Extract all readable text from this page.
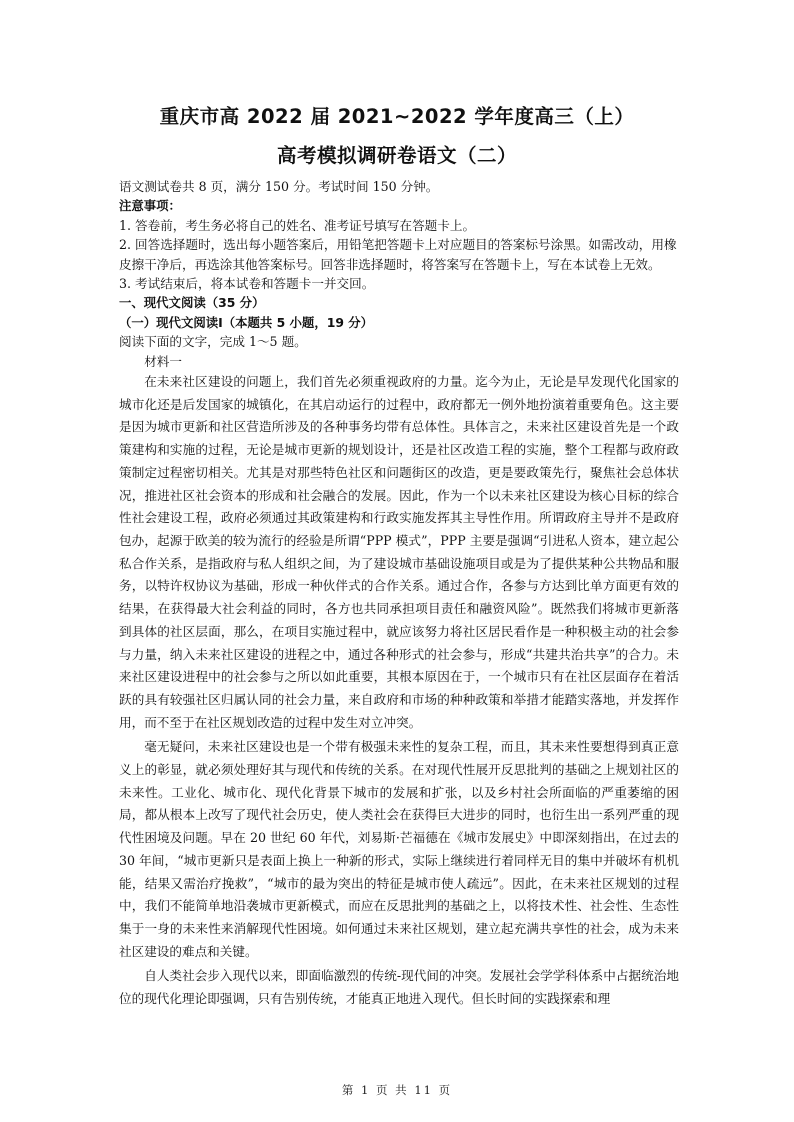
重庆市高 2022 届 2021~2022 学年度高三（上）
高考模拟调研卷语文（二）

语文测试卷共 8 页，满分 150 分。考试时间 150 分钟。

注意事项：

1. 答卷前，考生务必将自己的姓名、准考证号填写在答题卡上。

2. 回答选择题时，选出每小题答案后，用铅笔把答题卡上对应题目的答案标号涂黑。如需改动，用橡皮擦干净后，再选涂其他答案标号。回答非选择题时，将答案写在答题卡上，写在本试卷上无效。

3. 考试结束后，将本试卷和答题卡一并交回。

一、现代文阅读（35 分）

（一）现代文阅读Ⅰ（本题共 5 小题，19 分）

阅读下面的文字，完成 1～5 题。

材料一

在未来社区建设的问题上，我们首先必须重视政府的力量。迄今为止，无论是早发现代化国家的城市化还是后发国家的城镇化，在其启动运行的过程中，政府都无一例外地扮演着重要角色。这主要是因为城市更新和社区营造所涉及的各种事务均带有总体性。具体言之，未来社区建设首先是一个政策建构和实施的过程，无论是城市更新的规划设计，还是社区改造工程的实施，整个工程都与政府政策制定过程密切相关。尤其是对那些特色社区和问题街区的改造，更是要政策先行，聚焦社会总体状况，推进社区社会资本的形成和社会融合的发展。因此，作为一个以未来社区建设为核心目标的综合性社会建设工程，政府必须通过其政策建构和行政实施发挥其主导性作用。所谓政府主导并不是政府包办，起源于欧美的较为流行的经验是所谓“PPP 模式”，PPP 主要是强调“引进私人资本，建立起公私合作关系，是指政府与私人组织之间，为了建设城市基础设施项目或是为了提供某种公共物品和服务，以特许权协议为基础，形成一种伙伴式的合作关系。通过合作，各参与方达到比单方面更有效的结果，在获得最大社会利益的同时，各方也共同承担项目责任和融资风险”。既然我们将城市更新落到具体的社区层面，那么，在项目实施过程中，就应该努力将社区居民看作是一种积极主动的社会参与力量，纳入未来社区建设的进程之中，通过各种形式的社会参与，形成“共建共治共享”的合力。未来社区建设进程中的社会参与之所以如此重要，其根本原因在于，一个城市只有在社区层面存在着活跃的具有较强社区归属认同的社会力量，来自政府和市场的种种政策和举措才能踏实落地，并发挥作用，而不至于在社区规划改造的过程中发生对立冲突。

毫无疑问，未来社区建设也是一个带有极强未来性的复杂工程，而且，其未来性要想得到真正意义上的彰显，就必须处理好其与现代和传统的关系。在对现代性展开反思批判的基础之上规划社区的未来性。工业化、城市化、现代化背景下城市的发展和扩张，以及乡村社会所面临的严重萎缩的困局，都从根本上改写了现代社会历史，使人类社会在获得巨大进步的同时，也衍生出一系列严重的现代性困境及问题。早在 20 世纪 60 年代，刘易斯·芒福德在《城市发展史》中即深刻指出，在过去的 30 年间，“城市更新只是表面上换上一种新的形式，实际上继续进行着同样无目的集中并破坏有机机能，结果又需治疗挽救”，“城市的最为突出的特征是城市使人疏远”。因此，在未来社区规划的过程中，我们不能简单地沿袭城市更新模式，而应在反思批判的基础之上，以将技术性、社会性、生态性集于一身的未来性来消解现代性困境。如何通过未来社区规划，建立起充满共享性的社会，成为未来社区建设的难点和关键。

自人类社会步入现代以来，即面临激烈的传统-现代间的冲突。发展社会学学科体系中占据统治地位的现代化理论即强调，只有告别传统，才能真正地进入现代。但长时间的实践探索和理

第 1 页 共 11 页
